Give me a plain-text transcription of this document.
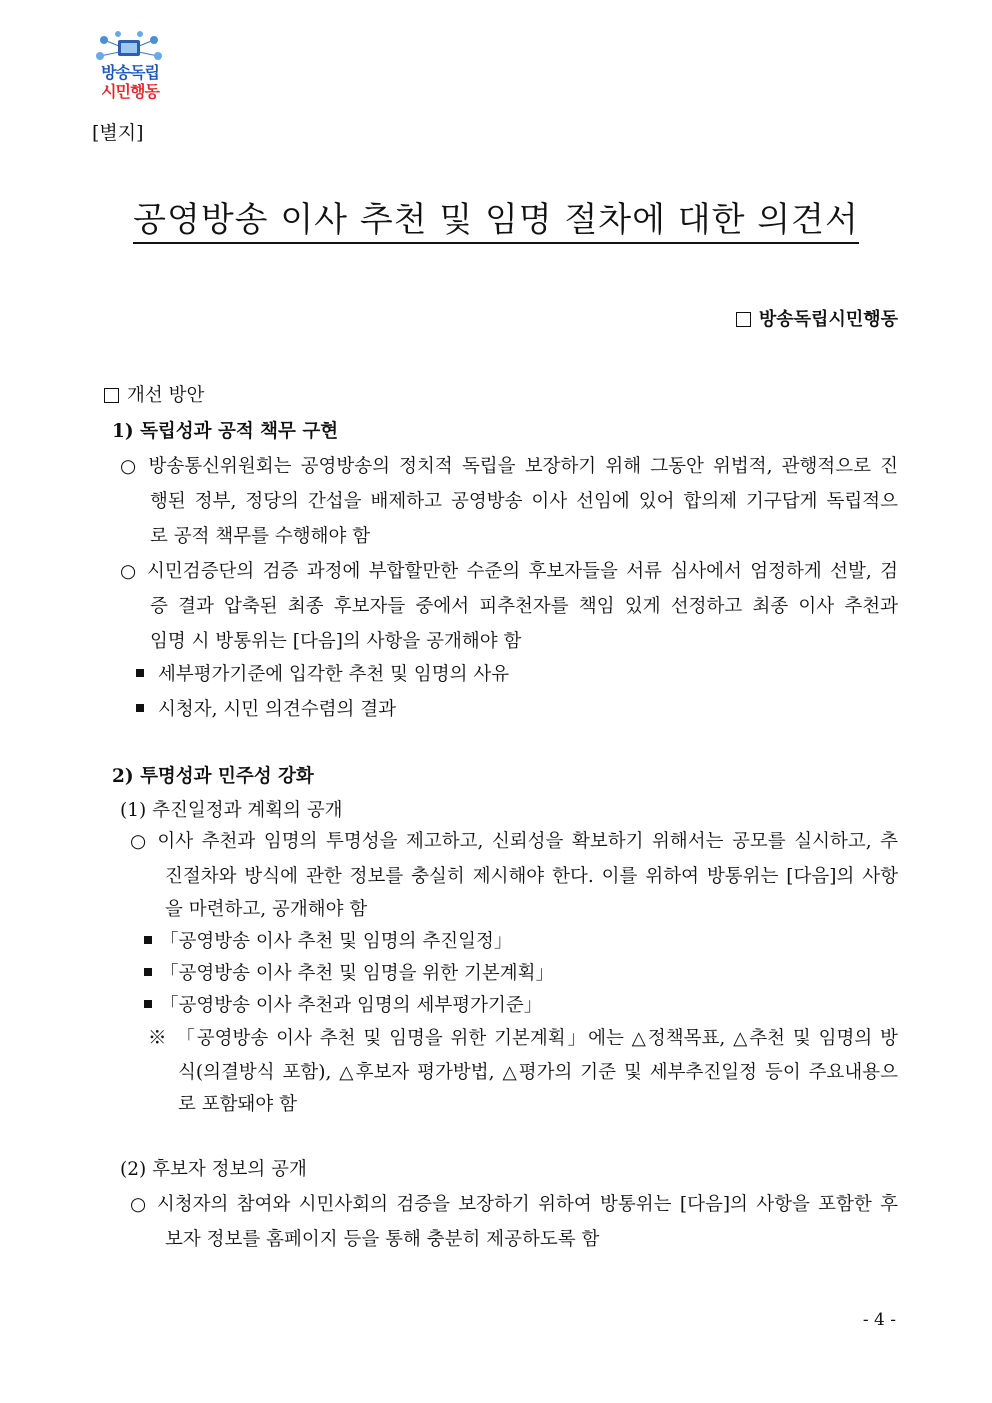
방송독립
시민행동
[별지]
공영방송 이사 추천 및 임명 절차에 대한 의견서
방송독립시민행동
개선 방안
1) 독립성과 공적 책무 구현
○ 방송통신위원회는 공영방송의 정치적 독립을 보장하기 위해 그동안 위법적, 관행적으로 진
행된 정부, 정당의 간섭을 배제하고 공영방송 이사 선임에 있어 합의제 기구답게 독립적으
로 공적 책무를 수행해야 함
○ 시민검증단의 검증 과정에 부합할만한 수준의 후보자들을 서류 심사에서 엄정하게 선발, 검
증 결과 압축된 최종 후보자들 중에서 피추천자를 책임 있게 선정하고 최종 이사 추천과
임명 시 방통위는 [다음]의 사항을 공개해야 함
세부평가기준에 입각한 추천 및 임명의 사유
시청자, 시민 의견수렴의 결과
2) 투명성과 민주성 강화
(1) 추진일정과 계획의 공개
○ 이사 추천과 임명의 투명성을 제고하고, 신뢰성을 확보하기 위해서는 공모를 실시하고, 추
진절차와 방식에 관한 정보를 충실히 제시해야 한다. 이를 위하여 방통위는 [다음]의 사항
을 마련하고, 공개해야 함
「공영방송 이사 추천 및 임명의 추진일정」
「공영방송 이사 추천 및 임명을 위한 기본계획」
「공영방송 이사 추천과 임명의 세부평가기준」
※ 「공영방송 이사 추천 및 임명을 위한 기본계획」에는 △정책목표, △추천 및 임명의 방
식(의결방식 포함), △후보자 평가방법, △평가의 기준 및 세부추진일정 등이 주요내용으
로 포함돼야 함
(2) 후보자 정보의 공개
○ 시청자의 참여와 시민사회의 검증을 보장하기 위하여 방통위는 [다음]의 사항을 포함한 후
보자 정보를 홈페이지 등을 통해 충분히 제공하도록 함
- 4 -
